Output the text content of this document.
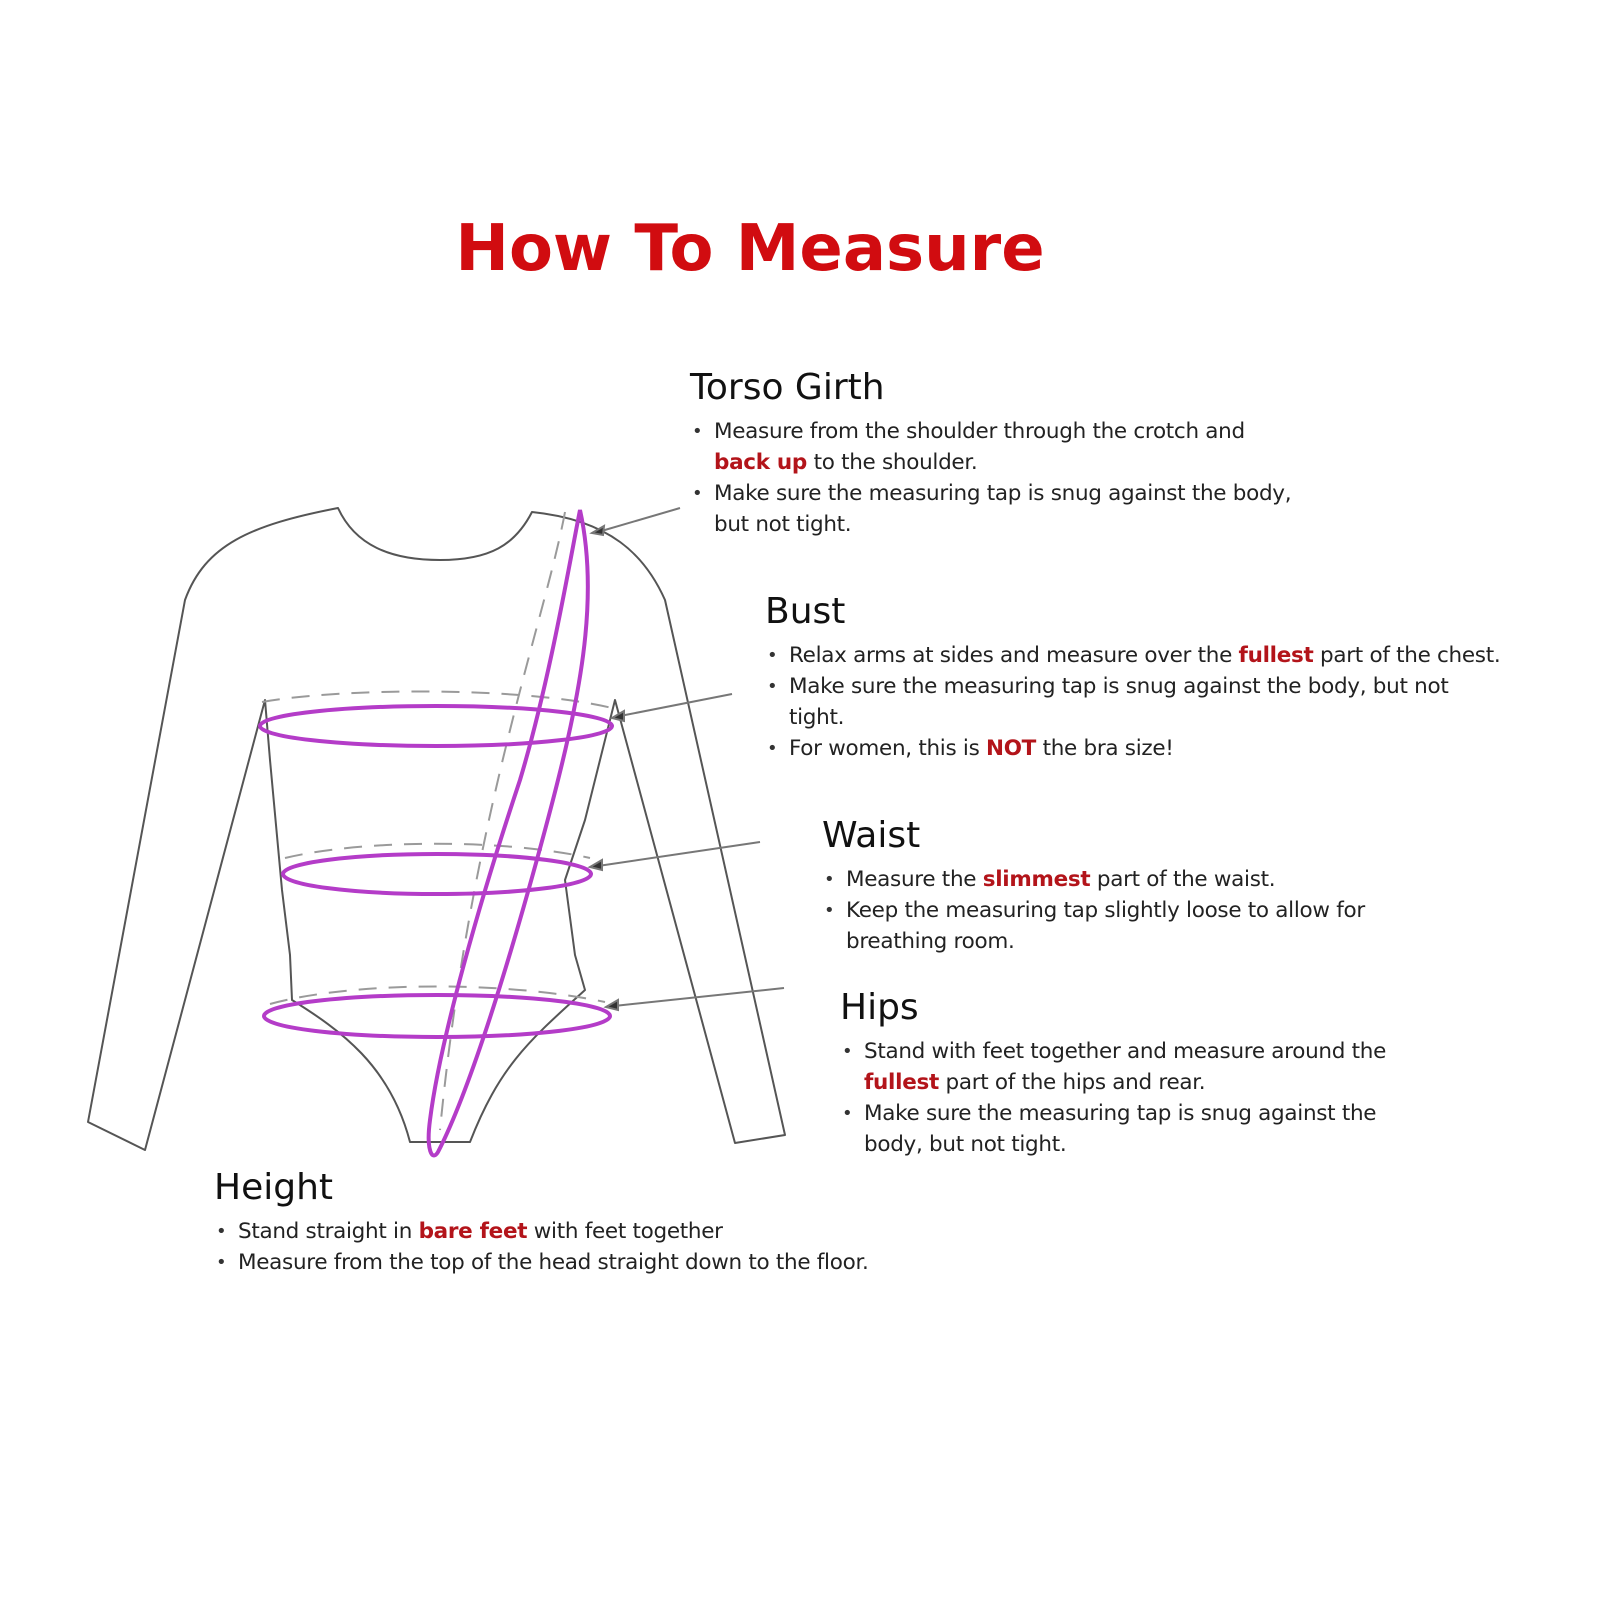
How To Measure
Torso Girth
• Measure from the shoulder through the crotch and
back up to the shoulder.
• Make sure the measuring tap is snug against the body, but not tight.
Bust
• Relax arms at sides and measure over the fullest part of the chest.
• Make sure the measuring tap is snug against the body, but not tight.
• For women, this is NOT the bra size!
Waist
• Measure the slimmest part of the waist.
• Keep the measuring tap slightly loose to allow for breathing room.
Hips
• Stand with feet together and measure around the
fullest part of the hips and rear.
• Make sure the measuring tap is snug against the body, but not tight.
Height
• Stand straight in bare feet with feet together
• Measure from the top of the head straight down to the floor.
